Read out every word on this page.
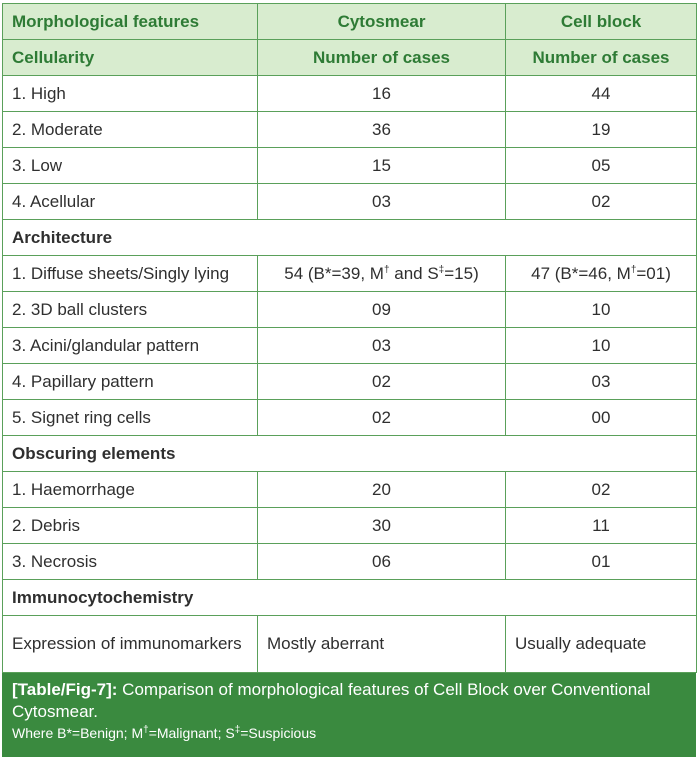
Morphological features	Cytosmear	Cell block
Cellularity	Number of cases	Number of cases
1. High	16	44
2. Moderate	36	19
3. Low	15	05
4. Acellular	03	02
Architecture		
1. Diffuse sheets/Singly lying	54 (B*=39, M† and S‡=15)	47 (B*=46, M†=01)
2. 3D ball clusters	09	10
3. Acini/glandular pattern	03	10
4. Papillary pattern	02	03
5. Signet ring cells	02	00
Obscuring elements		
1. Haemorrhage	20	02
2. Debris	30	11
3. Necrosis	06	01
Immunocytochemistry		
Expression of immunomarkers	Mostly aberrant	Usually adequate
[Table/Fig-7]: Comparison of morphological features of Cell Block over Conventional Cytosmear.
Where B*=Benign; M†=Malignant; S‡=Suspicious
